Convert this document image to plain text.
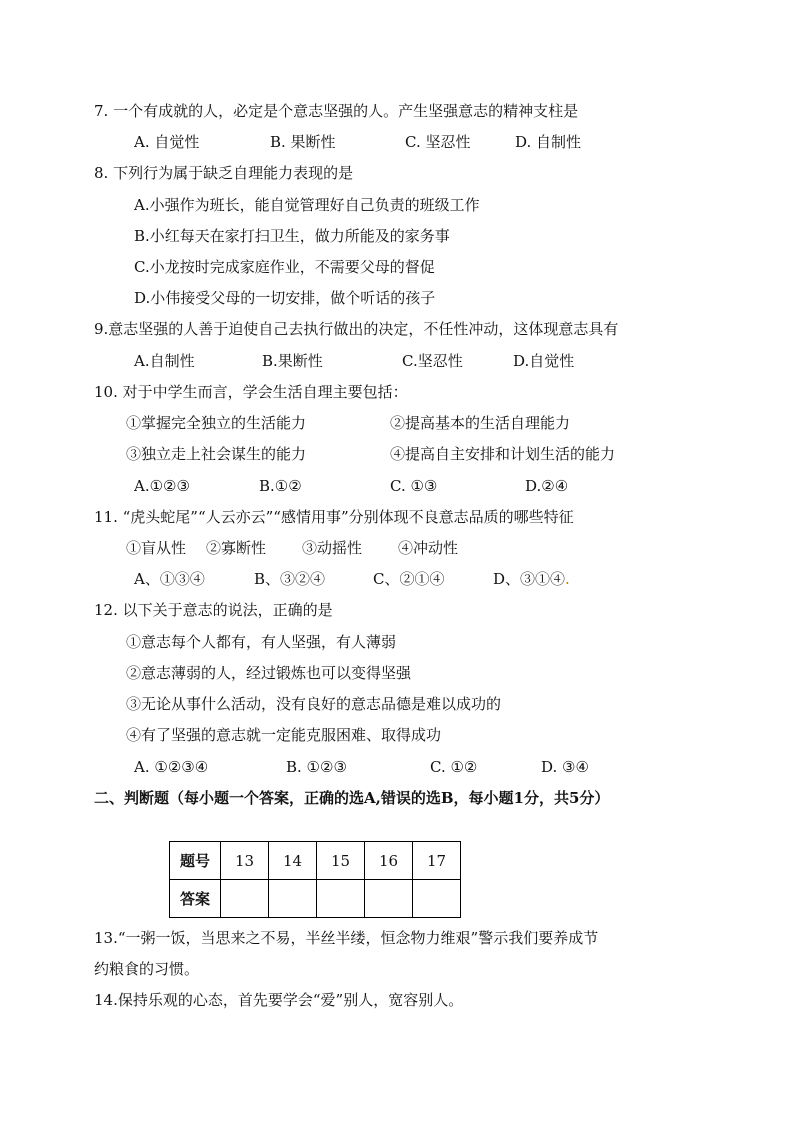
7. 一个有成就的人，必定是个意志坚强的人。产生坚强意志的精神支柱是
A. 自觉性	B. 果断性	C. 坚忍性	D. 自制性
8. 下列行为属于缺乏自理能力表现的是
A.小强作为班长，能自觉管理好自己负责的班级工作
B.小红每天在家打扫卫生，做力所能及的家务事
C.小龙按时完成家庭作业，不需要父母的督促
D.小伟接受父母的一切安排，做个听话的孩子
9.意志坚强的人善于迫使自己去执行做出的决定，不任性冲动，这体现意志具有
A.自制性	B.果断性	C.坚忍性	D.自觉性
10. 对于中学生而言，学会生活自理主要包括：
①掌握完全独立的生活能力	②提高基本的生活自理能力
③独立走上社会谋生的能力	④提高自主安排和计划生活的能力
A.①②③	B.①②	C. ①③	D.②④
11. “虎头蛇尾”“人云亦云”“感情用事”分别体现不良意志品质的哪些特征
①盲从性 ②寡断性 ③动摇性 ④冲动性
A、①③④	B、③②④	C、②①④	D、③①④.
12. 以下关于意志的说法，正确的是
①意志每个人都有，有人坚强，有人薄弱
②意志薄弱的人，经过锻炼也可以变得坚强
③无论从事什么活动，没有良好的意志品德是难以成功的
④有了坚强的意志就一定能克服困难、取得成功
A. ①②③④	B. ①②③	C. ①②	D. ③④
二、判断题（每小题一个答案，正确的选A,错误的选B，每小题1分，共5分）
题号	13	14	15	16	17
答案					
13.“一粥一饭，当思来之不易，半丝半缕，恒念物力维艰”警示我们要养成节
约粮食的习惯。
14.保持乐观的心态，首先要学会“爱”别人，宽容别人。
